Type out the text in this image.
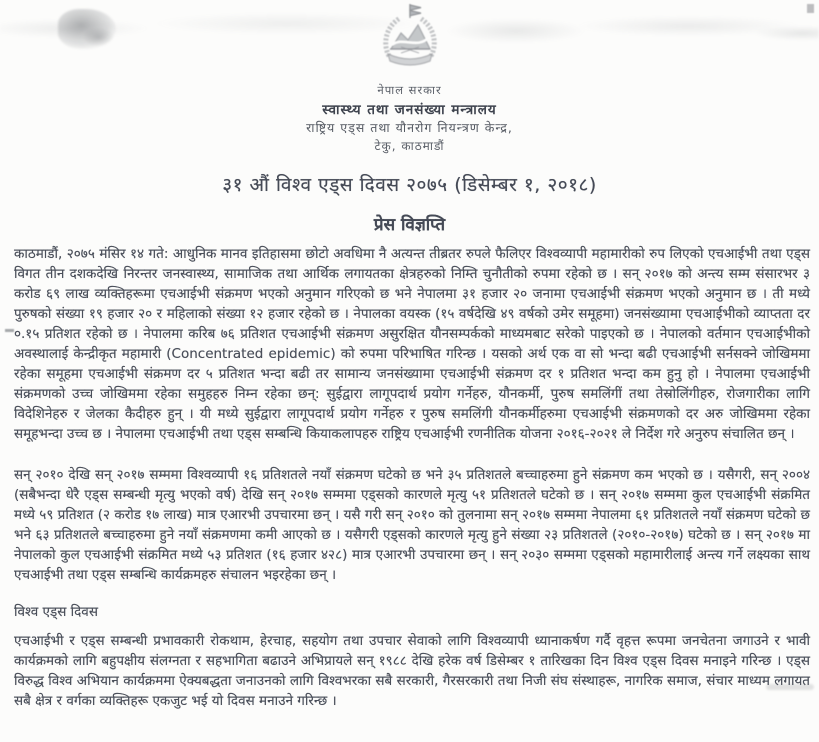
नेपाल सरकार
स्वास्थ्य तथा जनसंख्या मन्त्रालय
राष्ट्रिय एड्स तथा यौनरोग नियन्त्रण केन्द्र,
टेकु, काठमाडौं
३१ औं विश्व एड्स दिवस २०७५ (डिसेम्बर १, २०१८)
प्रेस विज्ञप्ति

काठमाडौं, २०७५ मंसिर १४ गते: आधुनिक मानव इतिहासमा छोटो अवधिमा नै अत्यन्त तीब्रतर रुपले फैलिएर विश्वव्यापी महामारीको रुप लिएको एचआईभी तथा एड्स विगत तीन दशकदेखि निरन्तर जनस्वास्थ्य, सामाजिक तथा आर्थिक लगायतका क्षेत्रहरुको निम्ति चुनौतीको रुपमा रहेको छ । सन् २०१७ को अन्त्य सम्म संसारभर ३ करोड ६९ लाख व्यक्तिहरूमा एचआईभी संक्रमण भएको अनुमान गरिएको छ भने नेपालमा ३१ हजार २० जनामा एचआईभी संक्रमण भएको अनुमान छ । ती मध्ये पुरुषको संख्या १९ हजार २० र महिलाको संख्या १२ हजार रहेको छ । नेपालका वयस्क (१५ वर्षदेखि ४९ वर्षको उमेर समूहमा) जनसंख्यामा एचआईभीको व्याप्तता दर ०.१५ प्रतिशत रहेको छ । नेपालमा करिब ७६ प्रतिशत एचआईभी संक्रमण असुरक्षित यौनसम्पर्कको माध्यमबाट सरेको पाइएको छ । नेपालको वर्तमान एचआईभीको अवस्थालाई केन्द्रीकृत महामारी (Concentrated epidemic) को रुपमा परिभाषित गरिन्छ । यसको अर्थ एक वा सो भन्दा बढी एचआईभी सर्नसक्ने जोखिममा रहेका समूहमा एचआईभी संक्रमण दर ५ प्रतिशत भन्दा बढी तर सामान्य जनसंख्यामा एचआईभी संक्रमण दर १ प्रतिशत भन्दा कम हुनु हो । नेपालमा एचआईभी संक्रमणको उच्च जोखिममा रहेका समुहहरु निम्न रहेका छन्: सुईद्वारा लागूपदार्थ प्रयोग गर्नेहरु, यौनकर्मी, पुरुष समलिंगीं तथा तेस्रोलिंगीहरु, रोजगारीका लागि विदेशिनेहरु र जेलका कैदीहरु हुन् । यी मध्ये सुईद्वारा लागूपदार्थ प्रयोग गर्नेहरु र पुरुष समलिंगी यौनकर्मीहरुमा एचआईभी संक्रमणको दर अरु जोखिममा रहेका समूहभन्दा उच्च छ । नेपालमा एचआईभी तथा एड्स सम्बन्धि कियाकलापहरु राष्ट्रिय एचआईभी रणनीतिक योजना २०१६-२०२१ ले निर्देश गरे अनुरुप संचालित छन् ।

सन् २०१० देखि सन् २०१७ सम्ममा विश्वव्यापी १६ प्रतिशतले नयाँ संक्रमण घटेको छ भने ३५ प्रतिशतले बच्चाहरुमा हुने संक्रमण कम भएको छ । यसैगरी, सन् २००४ (सबैभन्दा धेरै एड्स सम्बन्धी मृत्यु भएको वर्ष) देखि सन् २०१७ सम्ममा एड्सको कारणले मृत्यु ५१ प्रतिशतले घटेको छ । सन् २०१७ सम्ममा कुल एचआईभी संक्रमित मध्ये ५९ प्रतिशत (२ करोड १७ लाख) मात्र एआरभी उपचारमा छन् । यसै गरी सन् २०१० को तुलनामा सन् २०१७ सम्ममा नेपालमा ६१ प्रतिशतले नयाँ संक्रमण घटेको छ भने ६३ प्रतिशतले बच्चाहरुमा हुने नयाँ संक्रमणमा कमी आएको छ । यसैगरी एड्सको कारणले मृत्यु हुने संख्या २३ प्रतिशतले (२०१०-२०१७) घटेको छ । सन् २०१७ मा नेपालको कुल एचआईभी संक्रमित मध्ये ५३ प्रतिशत (१६ हजार ४२८) मात्र एआरभी उपचारमा छन् । सन् २०३० सम्ममा एड्सको महामारीलाई अन्त्य गर्ने लक्ष्यका साथ एचआईभी तथा एड्स सम्बन्धि कार्यक्रमहरु संचालन भइरहेका छन् ।

विश्व एड्स दिवस

एचआईभी र एड्स सम्बन्धी प्रभावकारी रोकथाम, हेरचाह, सहयोग तथा उपचार सेवाको लागि विश्वव्यापी ध्यानाकर्षण गर्दै वृहत्त रूपमा जनचेतना जगाउने र भावी कार्यक्रमको लागि बहुपक्षीय संलग्नता र सहभागिता बढाउने अभिप्रायले सन् १९८८ देखि हरेक वर्ष डिसेम्बर १ तारिखका दिन विश्व एड्स दिवस मनाइने गरिन्छ । एड्स विरुद्ध विश्व अभियान कार्यक्रममा ऐक्यबद्धता जनाउनको लागि विश्वभरका सबै सरकारी, गैरसरकारी तथा निजी संघ संस्थाहरू, नागरिक समाज, संचार माध्यम लगायत सबै क्षेत्र र वर्गका व्यक्तिहरू एकजुट भई यो दिवस मनाउने गरिन्छ ।
